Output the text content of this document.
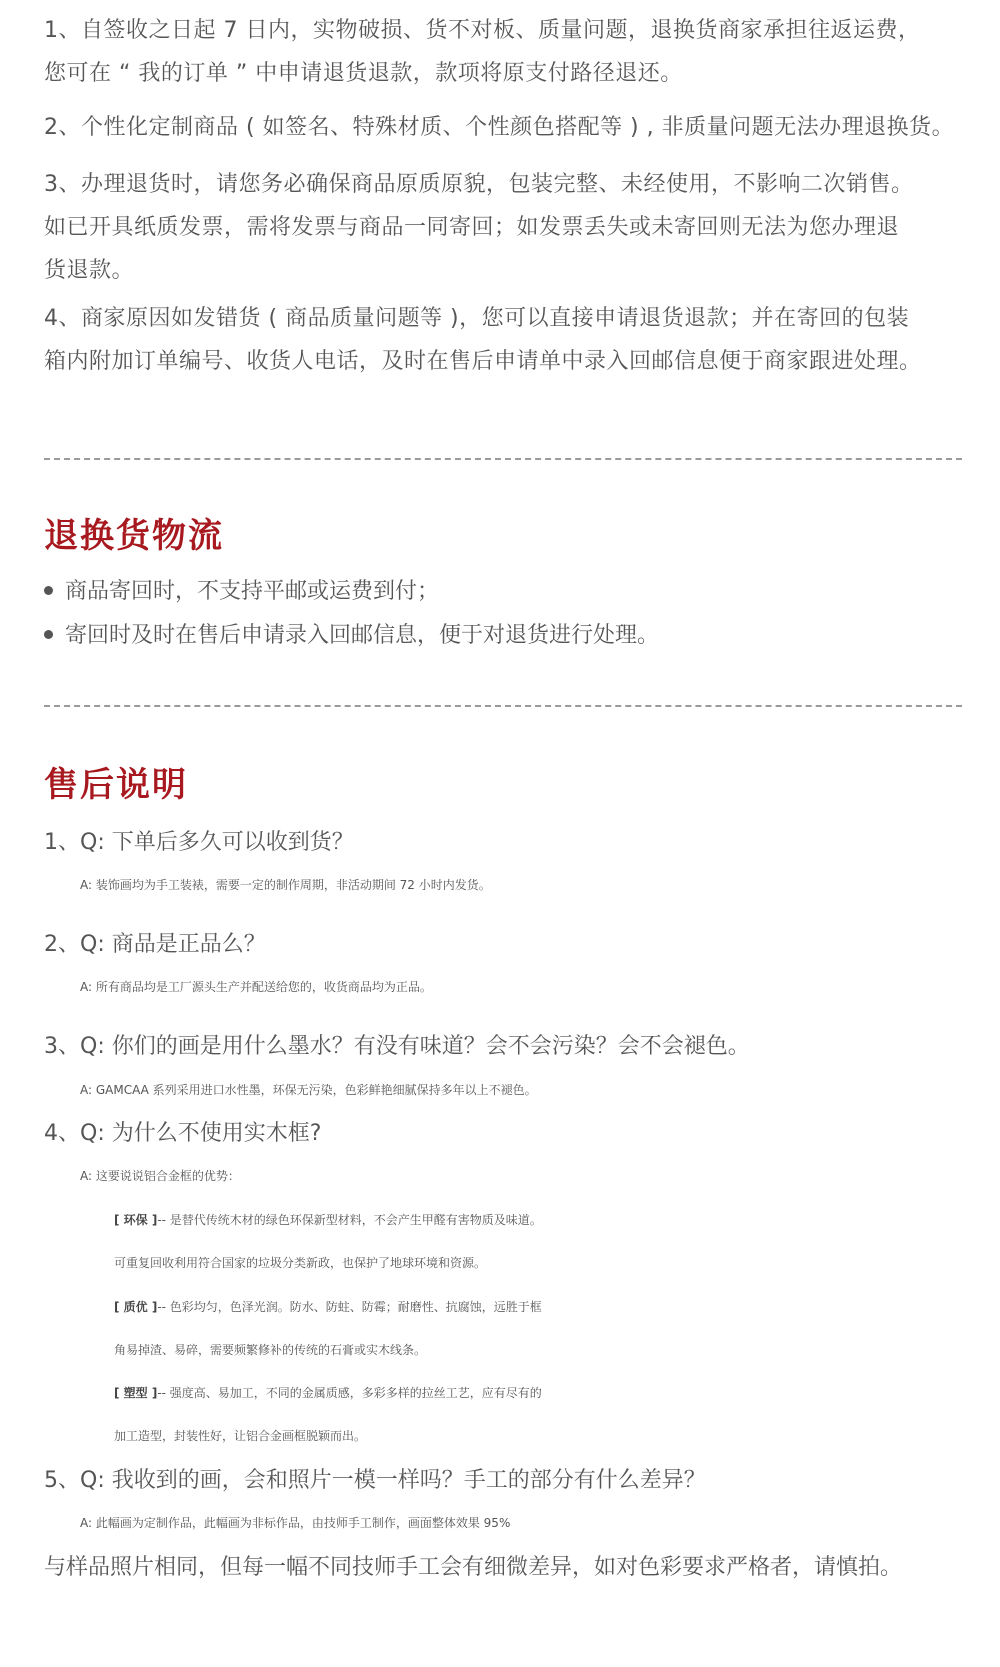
1、自签收之日起 7 日内，实物破损、货不对板、质量问题，退换货商家承担往返运费，
您可在 “ 我的订单 ” 中申请退货退款，款项将原支付路径退还。
2、个性化定制商品 ( 如签名、特殊材质、个性颜色搭配等 ) , 非质量问题无法办理退换货。
3、办理退货时，请您务必确保商品原质原貌，包装完整、未经使用，不影响二次销售。
如已开具纸质发票，需将发票与商品一同寄回；如发票丢失或未寄回则无法为您办理退
货退款。
4、商家原因如发错货 ( 商品质量问题等 )，您可以直接申请退货退款；并在寄回的包装
箱内附加订单编号、收货人电话，及时在售后申请单中录入回邮信息便于商家跟进处理。
退换货物流
商品寄回时，不支持平邮或运费到付；
寄回时及时在售后申请录入回邮信息，便于对退货进行处理。
售后说明
1、Q: 下单后多久可以收到货？
A: 装饰画均为手工装裱，需要一定的制作周期，非活动期间 72 小时内发货。
2、Q: 商品是正品么？
A: 所有商品均是工厂源头生产并配送给您的，收货商品均为正品。
3、Q: 你们的画是用什么墨水？有没有味道？会不会污染？会不会褪色。
A: GAMCAA 系列采用进口水性墨，环保无污染，色彩鲜艳细腻保持多年以上不褪色。
4、Q: 为什么不使用实木框?
A: 这要说说铝合金框的优势：
[ 环保 ]-- 是替代传统木材的绿色环保新型材料，不会产生甲醛有害物质及味道。
可重复回收利用符合国家的垃圾分类新政，也保护了地球环境和资源。
[ 质优 ]-- 色彩均匀，色泽光润。防水、防蛀、防霉；耐磨性、抗腐蚀，远胜于框
角易掉渣、易碎，需要频繁修补的传统的石膏或实木线条。
[ 塑型 ]-- 强度高、易加工，不同的金属质感，多彩多样的拉丝工艺，应有尽有的
加工造型，封装性好，让铝合金画框脱颖而出。
5、Q: 我收到的画，会和照片一模一样吗？手工的部分有什么差异？
A: 此幅画为定制作品，此幅画为非标作品，由技师手工制作，画面整体效果 95%
与样品照片相同，但每一幅不同技师手工会有细微差异，如对色彩要求严格者，请慎拍。
